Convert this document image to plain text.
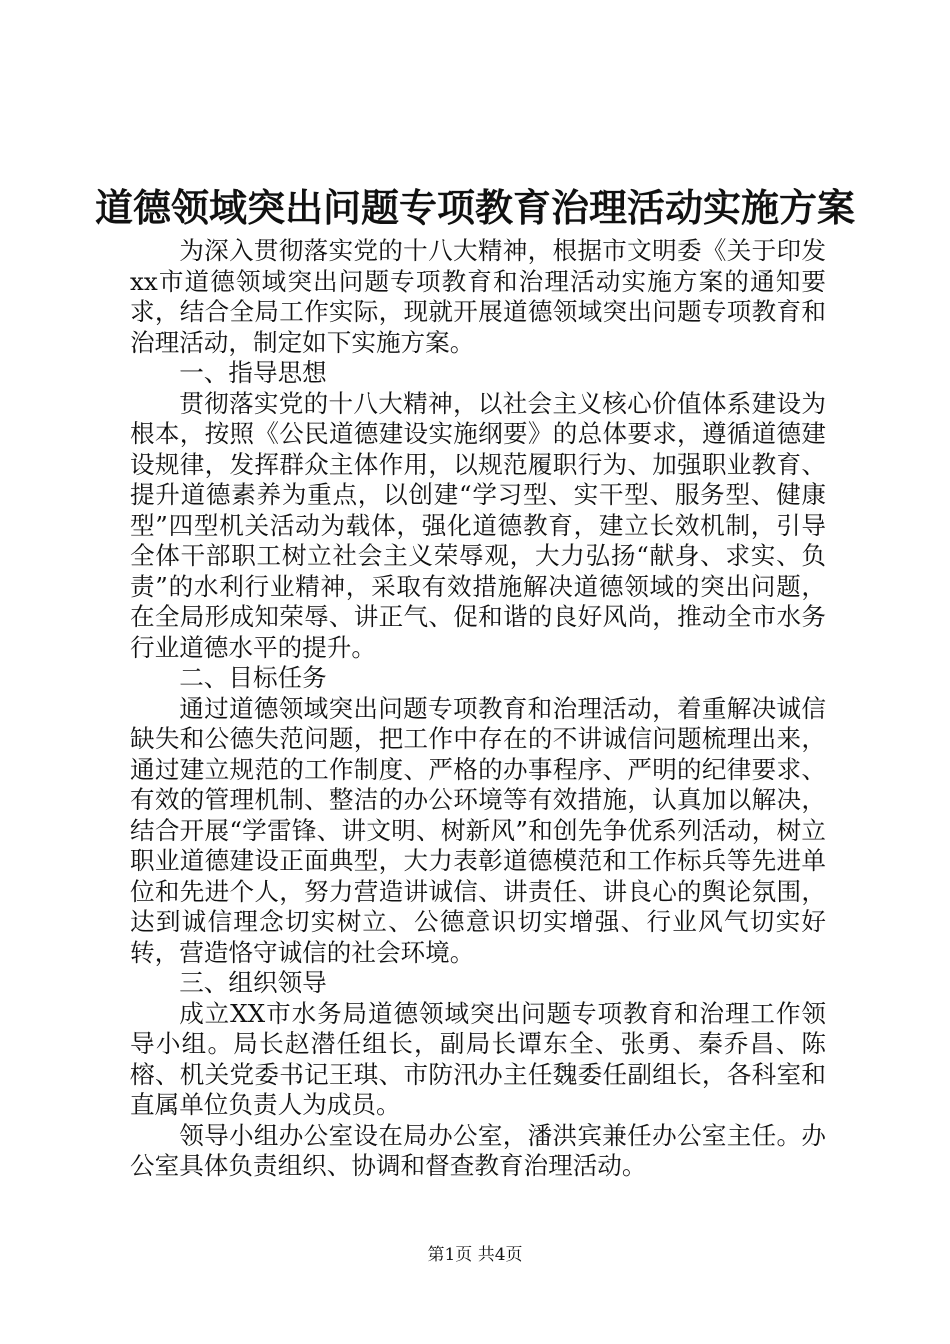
道德领域突出问题专项教育治理活动实施方案

为深入贯彻落实党的十八大精神，根据市文明委《关于印发xx市道德领域突出问题专项教育和治理活动实施方案的通知要求，结合全局工作实际，现就开展道德领域突出问题专项教育和治理活动，制定如下实施方案。

一、指导思想

贯彻落实党的十八大精神，以社会主义核心价值体系建设为根本，按照《公民道德建设实施纲要》的总体要求，遵循道德建设规律，发挥群众主体作用，以规范履职行为、加强职业教育、提升道德素养为重点，以创建“学习型、实干型、服务型、健康型”四型机关活动为载体，强化道德教育，建立长效机制，引导全体干部职工树立社会主义荣辱观，大力弘扬“献身、求实、负责”的水利行业精神，采取有效措施解决道德领域的突出问题，在全局形成知荣辱、讲正气、促和谐的良好风尚，推动全市水务行业道德水平的提升。

二、目标任务

通过道德领域突出问题专项教育和治理活动，着重解决诚信缺失和公德失范问题，把工作中存在的不讲诚信问题梳理出来，通过建立规范的工作制度、严格的办事程序、严明的纪律要求、有效的管理机制、整洁的办公环境等有效措施，认真加以解决，结合开展“学雷锋、讲文明、树新风”和创先争优系列活动，树立职业道德建设正面典型，大力表彰道德模范和工作标兵等先进单位和先进个人，努力营造讲诚信、讲责任、讲良心的舆论氛围，达到诚信理念切实树立、公德意识切实增强、行业风气切实好转，营造恪守诚信的社会环境。

三、组织领导

成立XX市水务局道德领域突出问题专项教育和治理工作领导小组。局长赵潜任组长，副局长谭东全、张勇、秦乔昌、陈榕、机关党委书记王琪、市防汛办主任魏委任副组长，各科室和直属单位负责人为成员。

领导小组办公室设在局办公室，潘洪宾兼任办公室主任。办公室具体负责组织、协调和督查教育治理活动。

第1页 共4页
